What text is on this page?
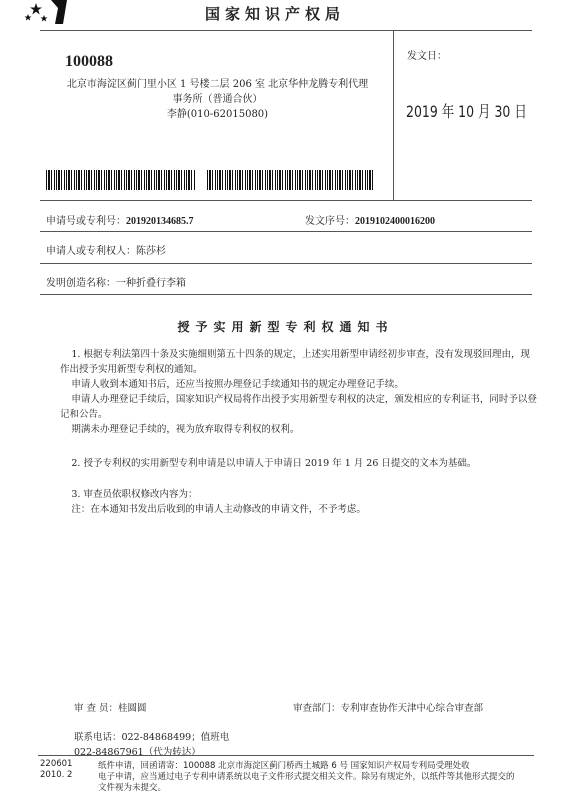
国家知识产权局
100088
北京市海淀区蓟门里小区 1 号楼二层 206 室 北京华仲龙腾专利代理
事务所（普通合伙）
李静(010-62015080)
发文日：
2019 年 10 月 30 日
申请号或专利号：201920134685.7	发文序号：2019102400016200
申请人或专利权人：陈莎杉
发明创造名称：一种折叠行李箱
授予实用新型专利权通知书
1. 根据专利法第四十条及实施细则第五十四条的规定，上述实用新型申请经初步审查，没有发现驳回理由，现作出授予实用新型专利权的通知。
申请人收到本通知书后，还应当按照办理登记手续通知书的规定办理登记手续。
申请人办理登记手续后，国家知识产权局将作出授予实用新型专利权的决定，颁发相应的专利证书，同时予以登记和公告。
期满未办理登记手续的，视为放弃取得专利权的权利。
2. 授予专利权的实用新型专利申请是以申请人于申请日 2019 年 1 月 26 日提交的文本为基础。
3. 审查员依职权修改内容为：
注：在本通知书发出后收到的申请人主动修改的申请文件，不予考虑。
审 查 员：桂圆圆	审查部门：专利审查协作天津中心综合审查部
联系电话：022-84868499；值班电
022-84867961（代为转达）
220601
2010. 2
纸件申请，回函请寄：100088 北京市海淀区蓟门桥西土城路 6 号 国家知识产权局专利局受理处收
电子申请，应当通过电子专利申请系统以电子文件形式提交相关文件。除另有规定外，以纸件等其他形式提交的
文件视为未提交。
